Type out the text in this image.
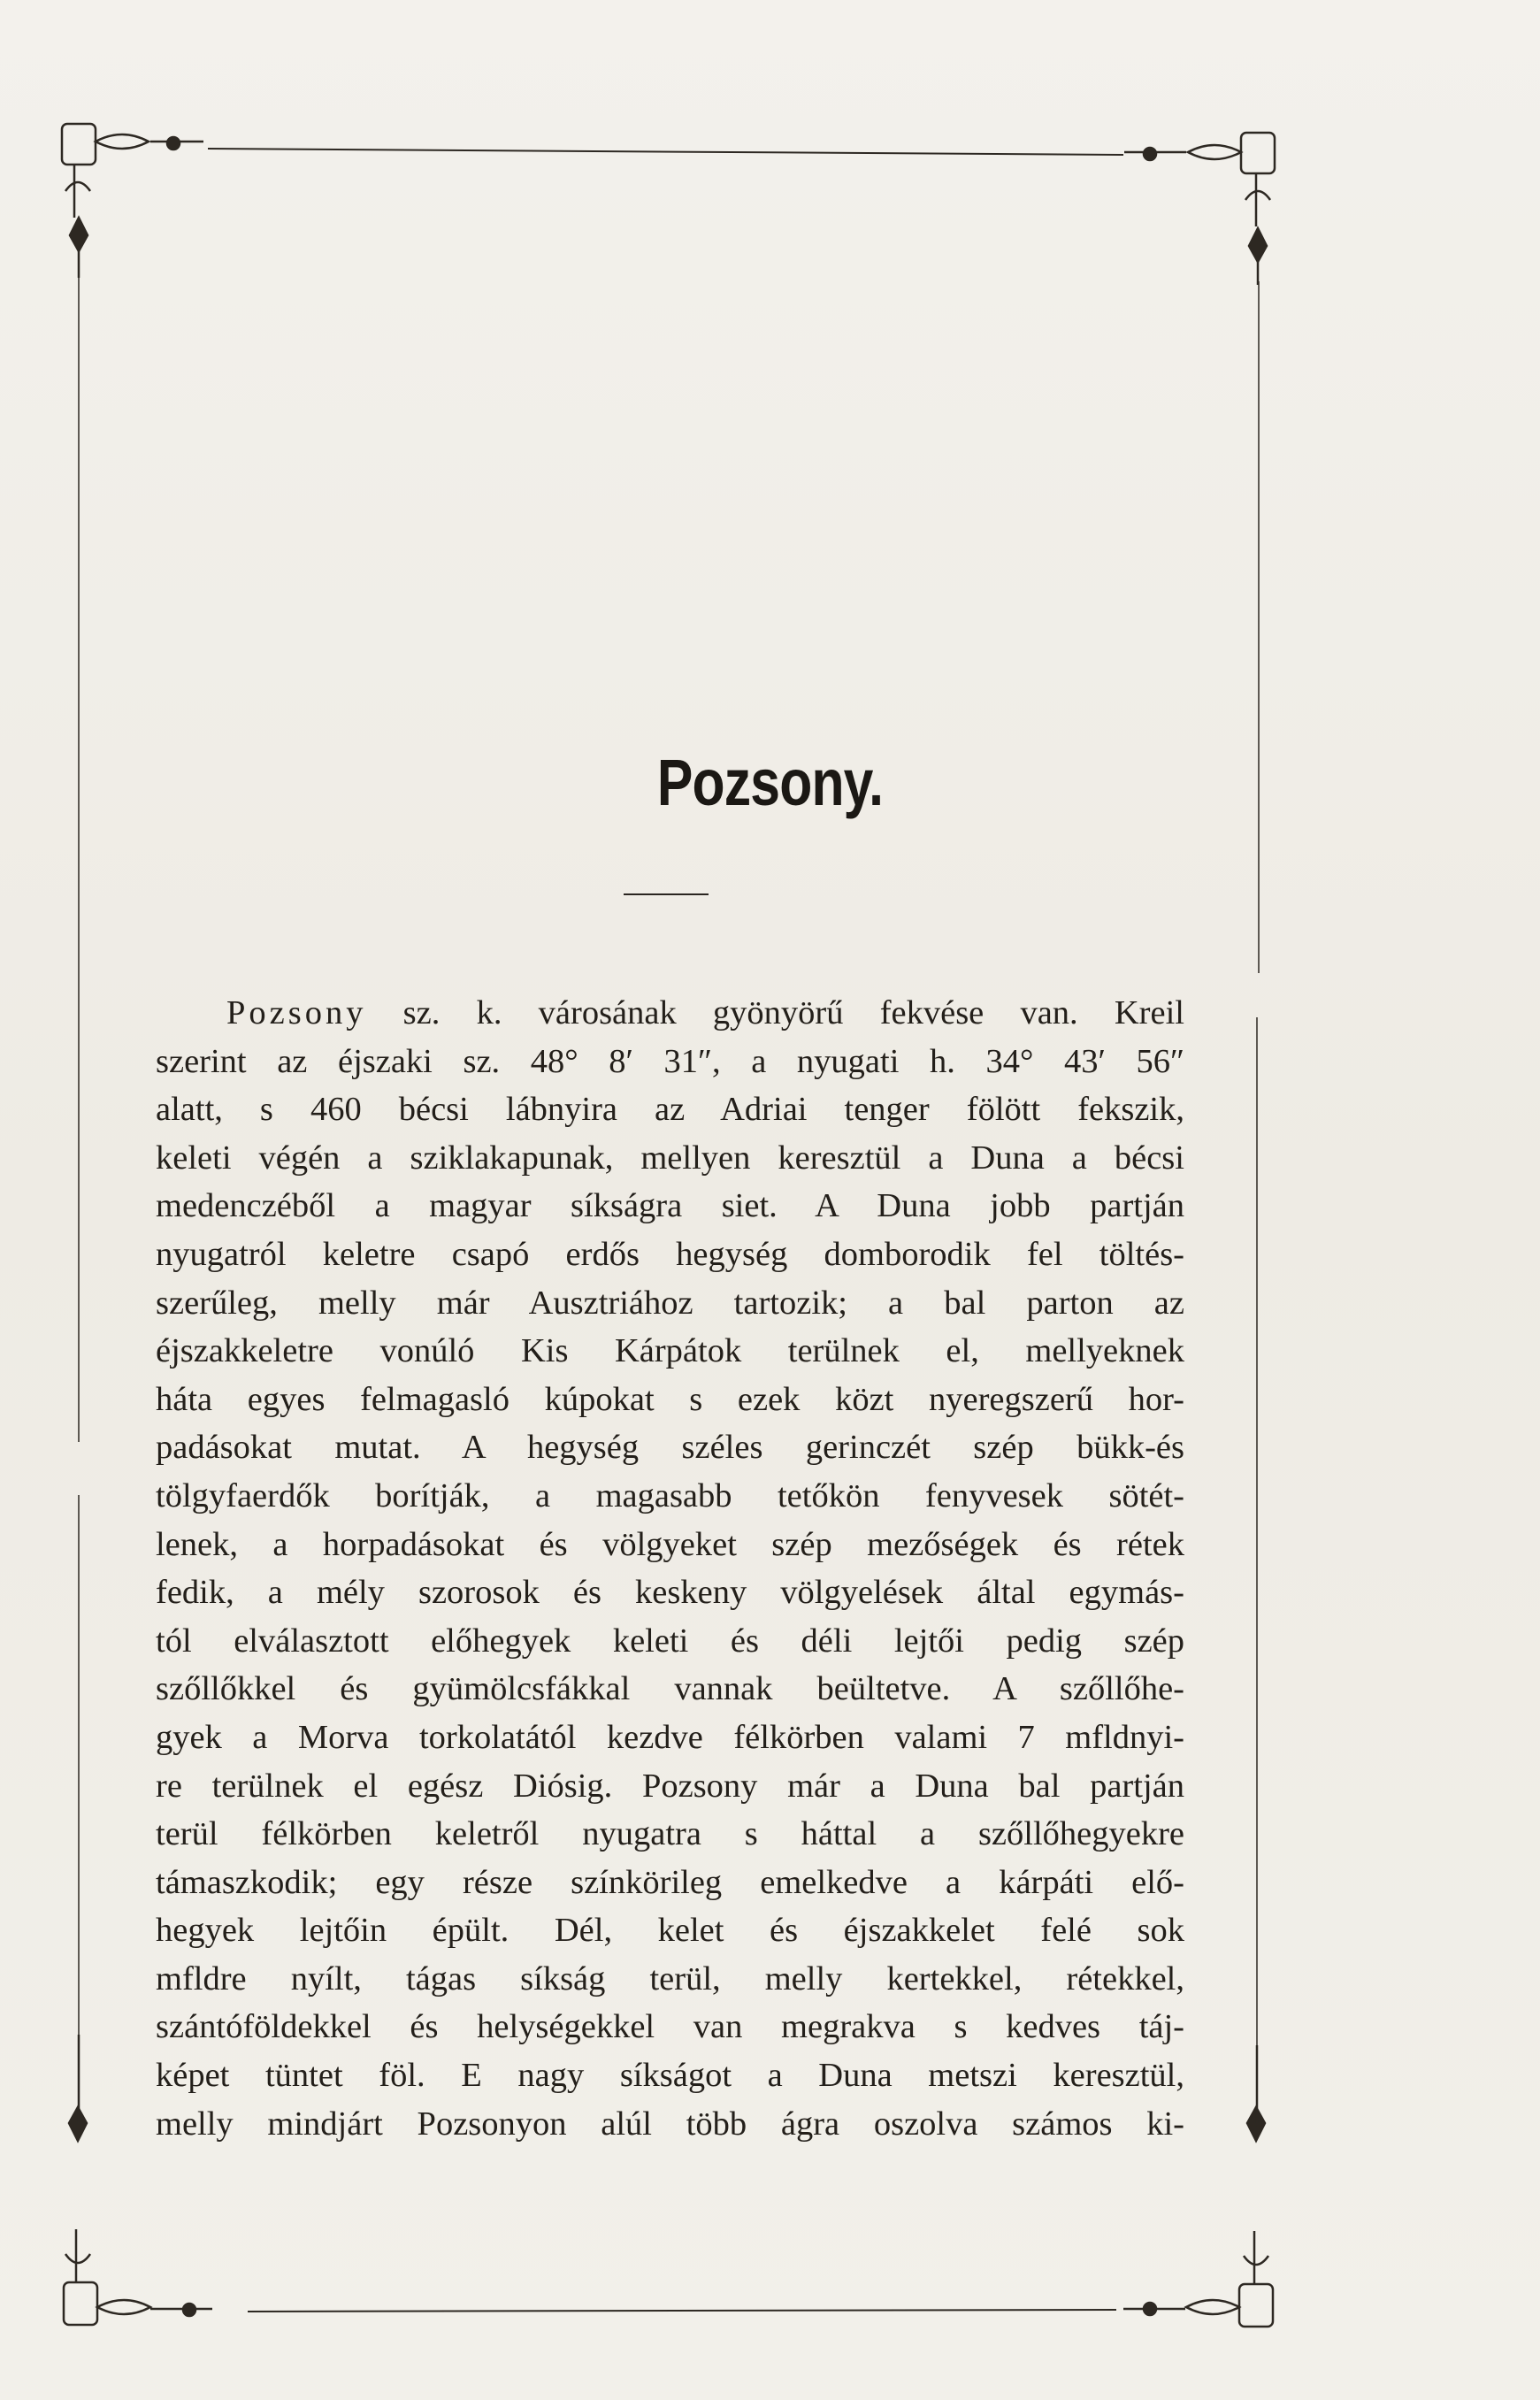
Pozsony.
Pozsony sz. k. városának gyönyörű fekvése van. Kreil
szerint az éjszaki sz. 48° 8′ 31″, a nyugati h. 34° 43′ 56″
alatt, s 460 bécsi lábnyira az Adriai tenger fölött fekszik,
keleti végén a sziklakapunak, mellyen keresztül a Duna a bécsi
medenczéből a magyar síkságra siet. A Duna jobb partján
nyugatról keletre csapó erdős hegység domborodik fel töltés-
szerűleg, melly már Ausztriához tartozik; a bal parton az
éjszakkeletre vonúló Kis Kárpátok terülnek el, mellyeknek
háta egyes felmagasló kúpokat s ezek közt nyeregszerű hor-
padásokat mutat. A hegység széles gerinczét szép bükk-és
tölgyfaerdők borítják, a magasabb tetőkön fenyvesek sötét-
lenek, a horpadásokat és völgyeket szép mezőségek és rétek
fedik, a mély szorosok és keskeny völgyelések által egymás-
tól elválasztott előhegyek keleti és déli lejtői pedig szép
szőllőkkel és gyümölcsfákkal vannak beültetve. A szőllőhe-
gyek a Morva torkolatától kezdve félkörben valami 7 mfldnyi-
re terülnek el egész Diósig. Pozsony már a Duna bal partján
terül félkörben keletről nyugatra s háttal a szőllőhegyekre
támaszkodik; egy része színkörileg emelkedve a kárpáti elő-
hegyek lejtőin épült. Dél, kelet és éjszakkelet felé sok
mfldre nyílt, tágas síkság terül, melly kertekkel, rétekkel,
szántóföldekkel és helységekkel van megrakva s kedves táj-
képet tüntet föl. E nagy síkságot a Duna metszi keresztül,
melly mindjárt Pozsonyon alúl több ágra oszolva számos ki-
